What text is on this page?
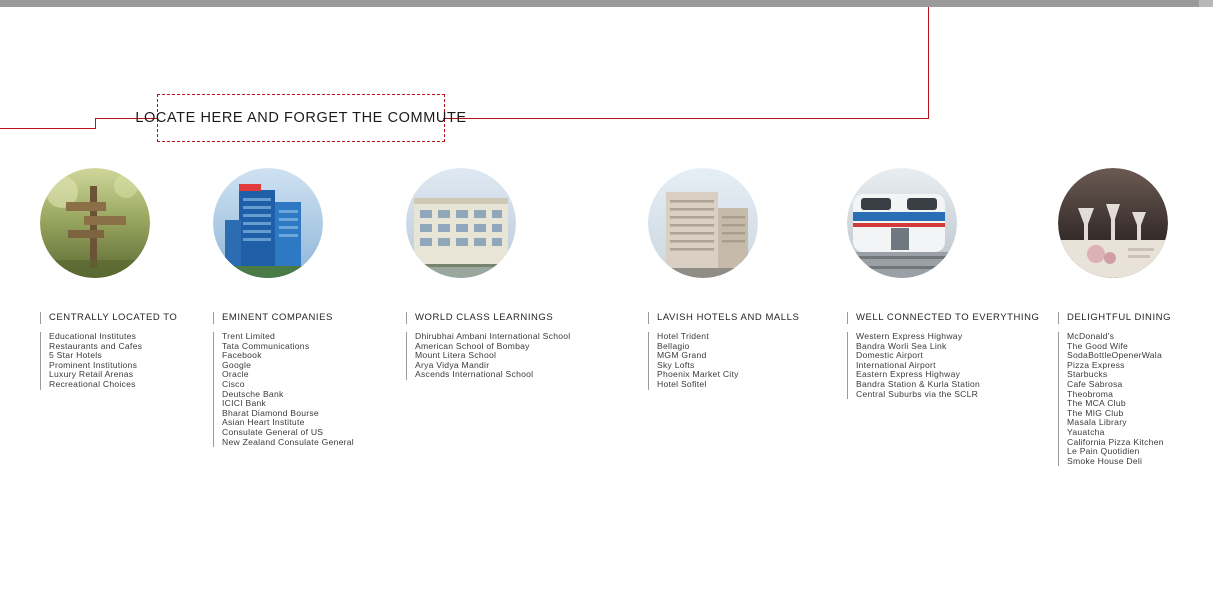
LOCATE HERE AND FORGET THE COMMUTE
CENTRALLY LOCATED TO
Educational Institutes
Restaurants and Cafes
5 Star Hotels
Prominent Institutions
Luxury Retail Arenas
Recreational Choices
EMINENT COMPANIES
Trent Limited
Tata Communications
Facebook
Google
Oracle
Cisco
Deutsche Bank
ICICI Bank
Bharat Diamond Bourse
Asian Heart Institute
Consulate General of US
New Zealand Consulate General
WORLD CLASS LEARNINGS
Dhirubhai Ambani International School
American School of Bombay
Mount Litera School
Arya Vidya Mandir
Ascends International School
LAVISH HOTELS AND MALLS
Hotel Trident
Bellagio
MGM Grand
Sky Lofts
Phoenix Market City
Hotel Sofitel
WELL CONNECTED TO EVERYTHING
Western Express Highway
Bandra Worli Sea Link
Domestic Airport
International Airport
Eastern Express Highway
Bandra Station & Kurla Station
Central Suburbs via the SCLR
DELIGHTFUL DINING
McDonald's
The Good Wife
SodaBottleOpenerWala
Pizza Express
Starbucks
Cafe Sabrosa
Theobroma
The MCA Club
The MIG Club
Masala Library
Yauatcha
California Pizza Kitchen
Le Pain Quotidien
Smoke House Deli
